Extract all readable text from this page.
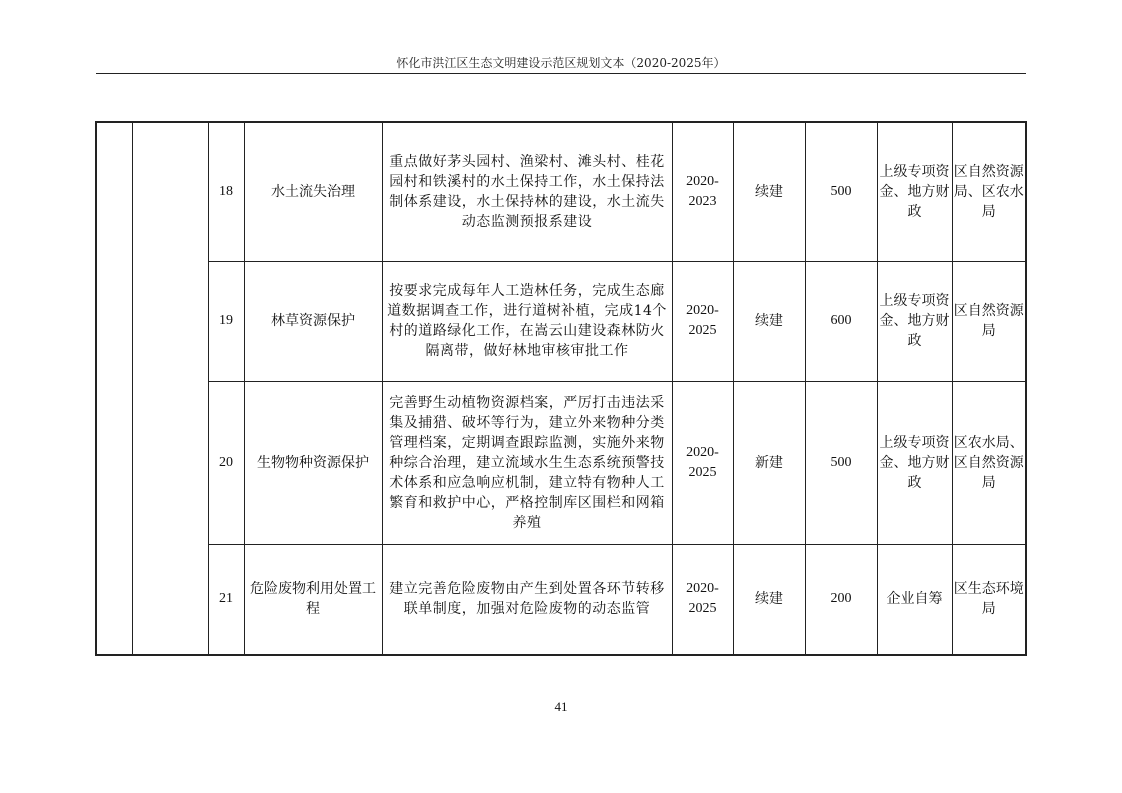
怀化市洪江区生态文明建设示范区规划文本（2020-2025年）
		18	水土流失治理	重点做好茅头园村、渔梁村、滩头村、桂花园村和铁溪村的水土保持工作，水土保持法制体系建设，水土保持林的建设，水土流失动态监测预报系建设	2020-2023	续建	500	上级专项资金、地方财政	区自然资源局、区农水局
		19	林草资源保护	按要求完成每年人工造林任务，完成生态廊道数据调查工作，进行道树补植，完成14个村的道路绿化工作，在嵩云山建设森林防火隔离带，做好林地审核审批工作	2020-2025	续建	600	上级专项资金、地方财政	区自然资源局
		20	生物物种资源保护	完善野生动植物资源档案，严厉打击违法采集及捕猎、破坏等行为，建立外来物种分类管理档案，定期调查跟踪监测，实施外来物种综合治理，建立流域水生生态系统预警技术体系和应急响应机制，建立特有物种人工繁育和救护中心，严格控制库区围栏和网箱养殖	2020-2025	新建	500	上级专项资金、地方财政	区农水局、区自然资源局
		21	危险废物利用处置工程	建立完善危险废物由产生到处置各环节转移联单制度，加强对危险废物的动态监管	2020-2025	续建	200	企业自筹	区生态环境局
41
